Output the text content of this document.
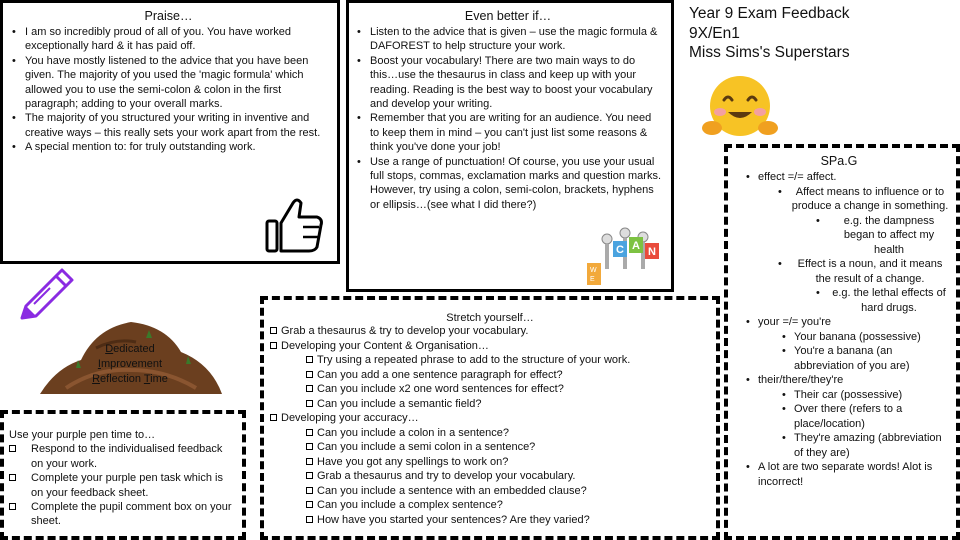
Praise…
• I am so incredibly proud of all of you. You have worked exceptionally hard & it has paid off.
• You have mostly listened to the advice that you have been given. The majority of you used the 'magic formula' which allowed you to use the semi-colon & colon in the first paragraph; adding to your overall marks.
• The majority of you structured your writing in inventive and creative ways – this really sets your work apart from the rest.
• A special mention to: for truly outstanding work.
Even better if…
• Listen to the advice that is given – use the magic formula & DAFOREST to help structure your work.
• Boost your vocabulary! There are two main ways to do this…use the thesaurus in class and keep up with your reading. Reading is the best way to boost your vocabulary and develop your writing.
• Remember that you are writing for an audience. You need to keep them in mind – you can't just list some reasons & think you've done your job!
• Use a range of punctuation! Of course, you use your usual full stops, commas, exclamation marks and question marks. However, try using a colon, semi-colon, brackets, hyphens or ellipsis…(see what I did there?)
W
E
C A N
Year 9 Exam Feedback
9X/En1
Miss Sims's Superstars
Dedicated
Improvement
Reflection Time
Use your purple pen time to…
Respond to the individualised feedback on your work.
Complete your purple pen task which is on your feedback sheet.
Complete the pupil comment box on your sheet.
Stretch yourself…
Grab a thesaurus & try to develop your vocabulary.
Developing your Content & Organisation…
Try using a repeated phrase to add to the structure of your work.
Can you add a one sentence paragraph for effect?
Can you include x2 one word sentences for effect?
Can you include a semantic field?
Developing your accuracy…
Can you include a colon in a sentence?
Can you include a semi colon in a sentence?
Have you got any spellings to work on?
Grab a thesaurus and try to develop your vocabulary.
Can you include a sentence with an embedded clause?
Can you include a complex sentence?
How have you started your sentences? Are they varied?
SPa.G
• effect =/= affect.
• Affect means to influence or to produce a change in something.
• e.g. the dampness began to affect my health
• Effect is a noun, and it means the result of a change.
• e.g. the lethal effects of hard drugs.
• your =/= you're
• Your banana (possessive)
• You're a banana (an abbreviation of you are)
• their/there/they're
• Their car (possessive)
• Over there (refers to a place/location)
• They're amazing (abbreviation of they are)
• A lot are two separate words! Alot is incorrect!
